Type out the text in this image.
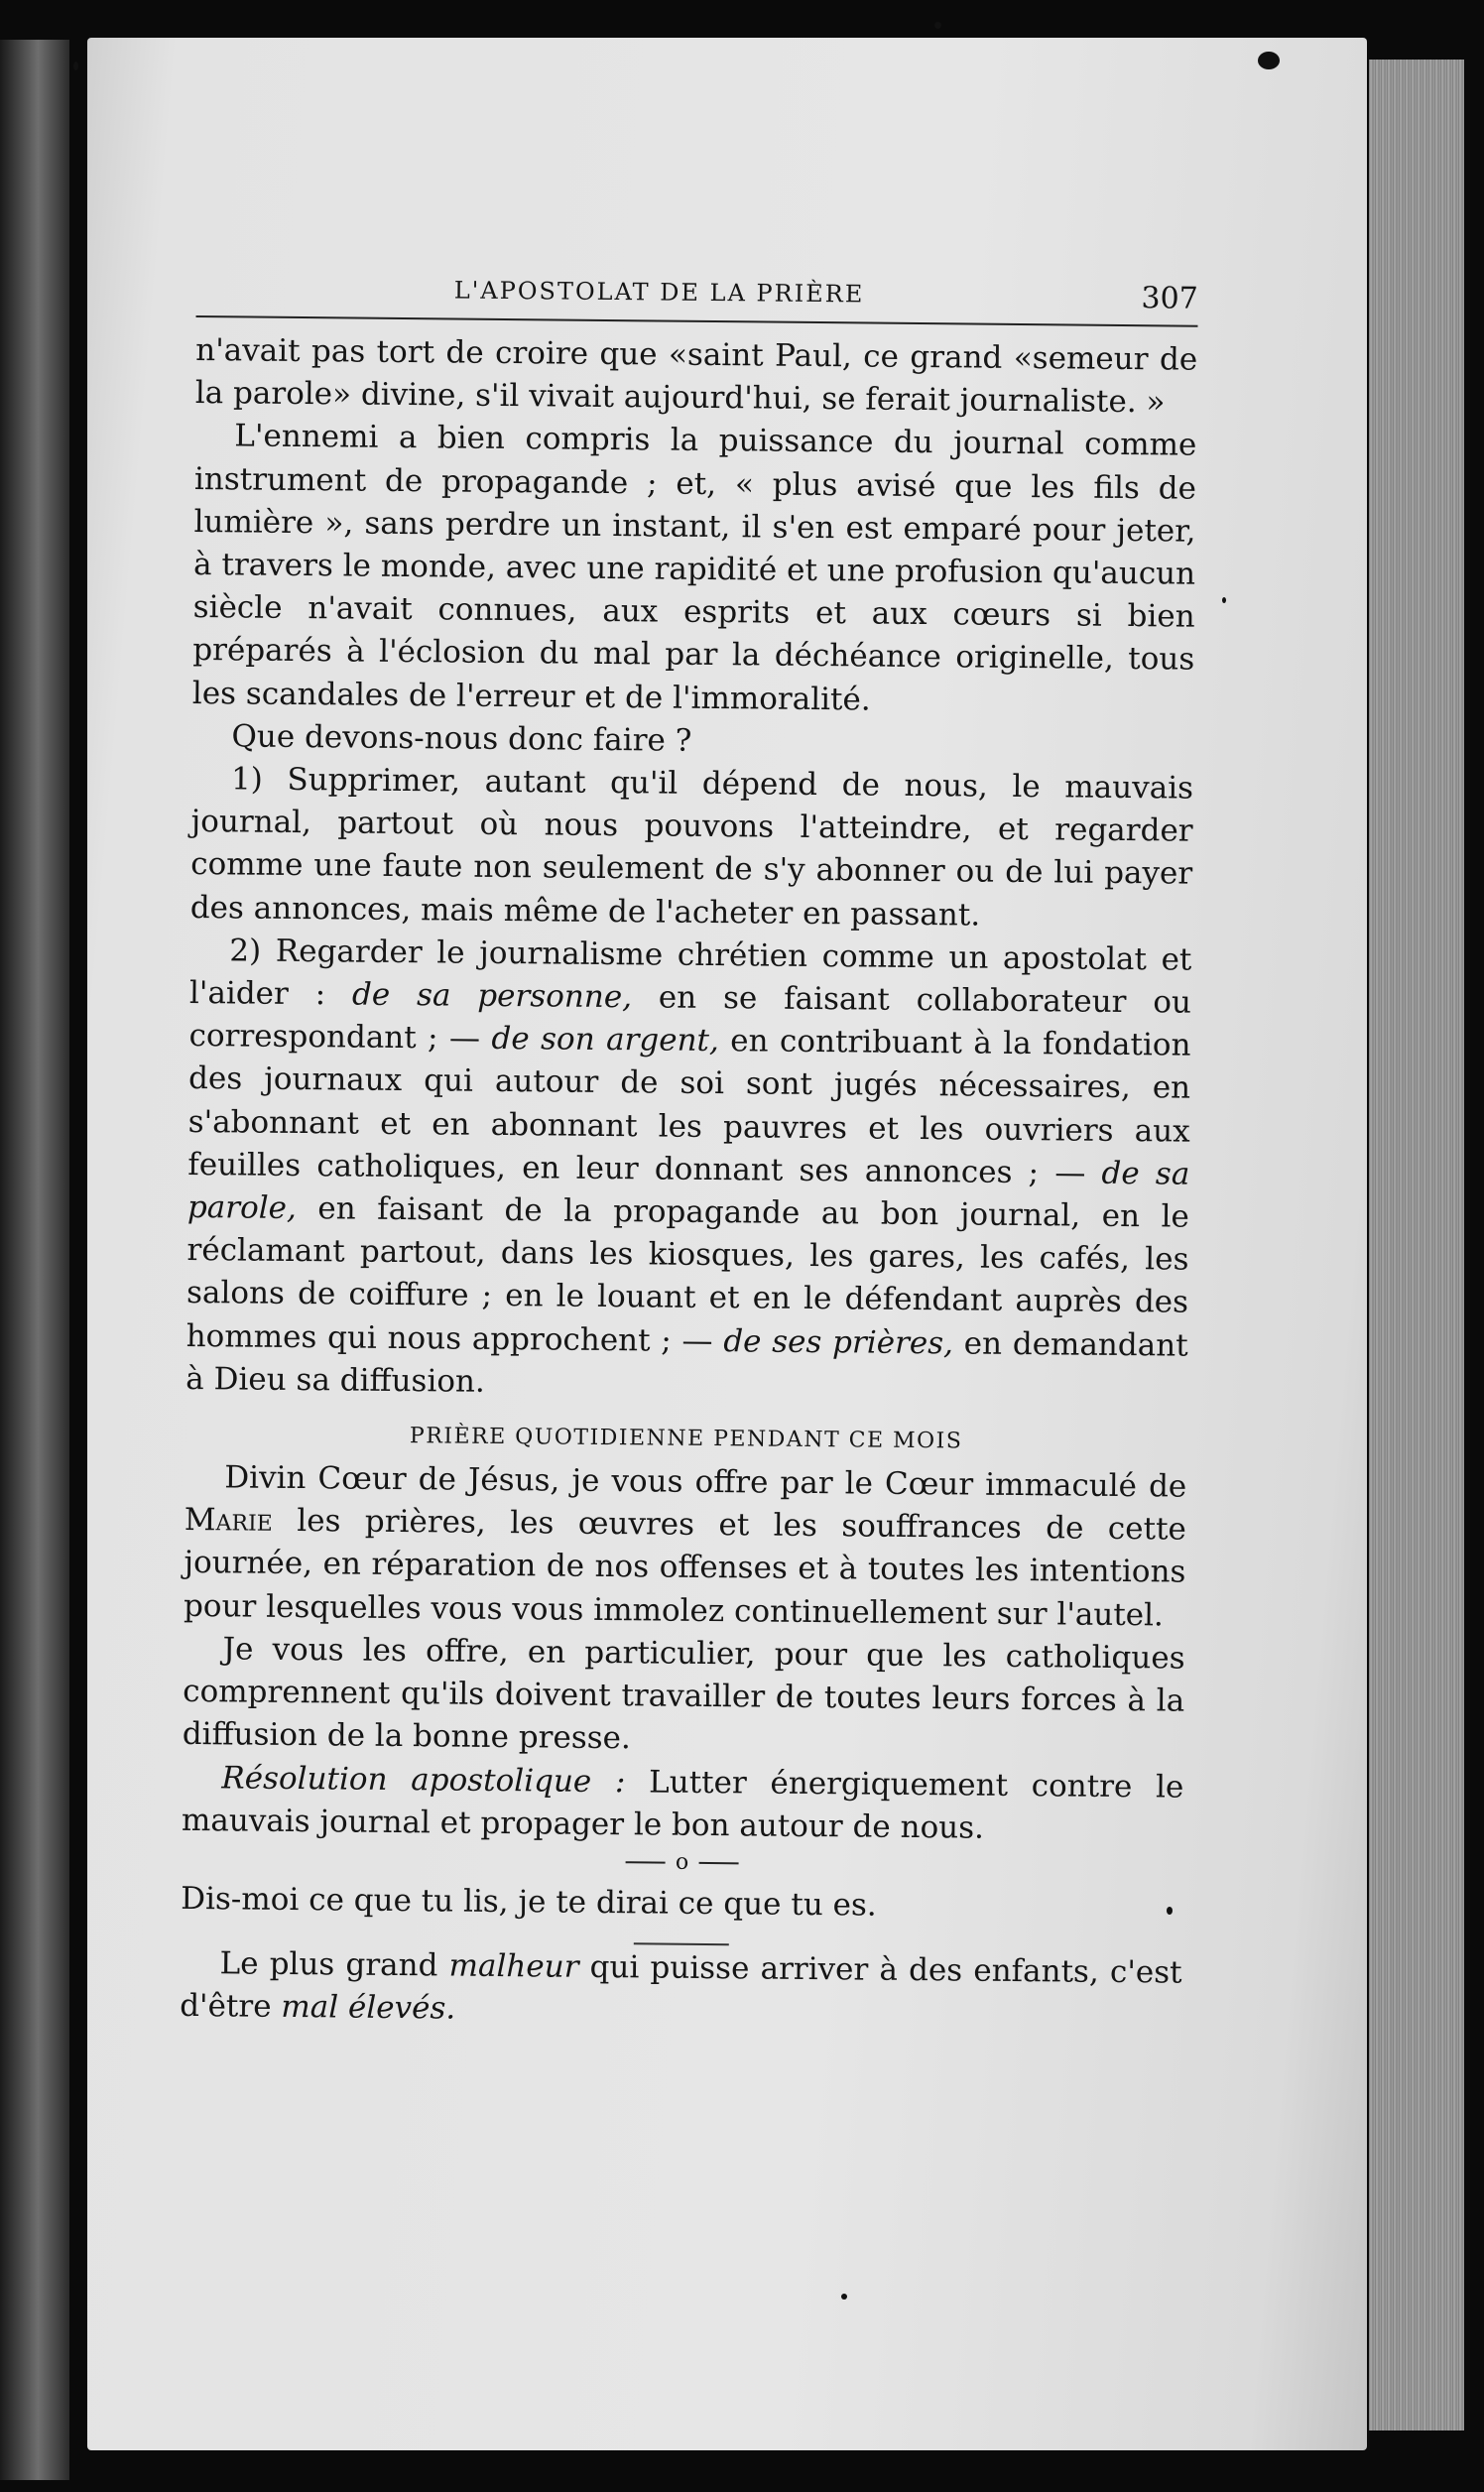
L'APOSTOLAT DE LA PRIÈRE	307

n'avait pas tort de croire que «saint Paul, ce grand «semeur de la parole» divine, s'il vivait aujourd'hui, se ferait journaliste. »

L'ennemi a bien compris la puissance du journal comme instrument de propagande ; et, « plus avisé que les fils de lumière », sans perdre un instant, il s'en est emparé pour jeter, à travers le monde, avec une rapidité et une profusion qu'aucun siècle n'avait connues, aux esprits et aux cœurs si bien préparés à l'éclosion du mal par la déchéance originelle, tous les scandales de l'erreur et de l'immoralité.

Que devons-nous donc faire ?

1) Supprimer, autant qu'il dépend de nous, le mauvais journal, partout où nous pouvons l'atteindre, et regarder comme une faute non seulement de s'y abonner ou de lui payer des annonces, mais même de l'acheter en passant.

2) Regarder le journalisme chrétien comme un apostolat et l'aider : de sa personne, en se faisant collaborateur ou correspondant ; — de son argent, en contribuant à la fondation des journaux qui autour de soi sont jugés nécessaires, en s'abonnant et en abonnant les pauvres et les ouvriers aux feuilles catholiques, en leur donnant ses annonces ; — de sa parole, en faisant de la propagande au bon journal, en le réclamant partout, dans les kiosques, les gares, les cafés, les salons de coiffure ; en le louant et en le défendant auprès des hommes qui nous approchent ; — de ses prières, en demandant à Dieu sa diffusion.

PRIÈRE QUOTIDIENNE PENDANT CE MOIS

Divin Cœur de Jésus, je vous offre par le Cœur immaculé de Marie les prières, les œuvres et les souffrances de cette journée, en réparation de nos offenses et à toutes les intentions pour lesquelles vous vous immolez continuellement sur l'autel.

Je vous les offre, en particulier, pour que les catholiques comprennent qu'ils doivent travailler de toutes leurs forces à la diffusion de la bonne presse.

Résolution apostolique : Lutter énergiquement contre le mauvais journal et propager le bon autour de nous.

o

Dis-moi ce que tu lis, je te dirai ce que tu es.

Le plus grand malheur qui puisse arriver à des enfants, c'est d'être mal élevés.
